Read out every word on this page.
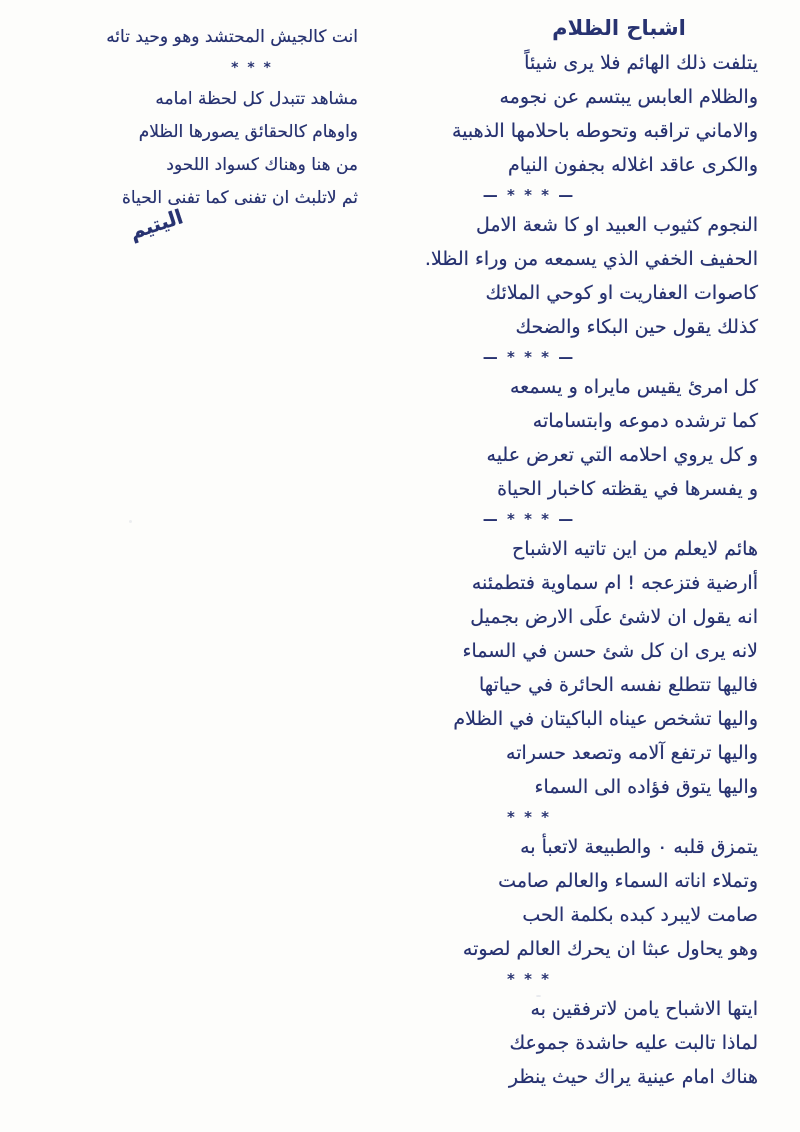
انت كالجيش المحتشد وهو وحيد تائه
* * *
مشاهد تتبدل كل لحظة امامه
واوهام كالحقائق يصورها الظلام
من هنا وهناك كسواد اللحود
ثم لاتلبث ان تفنى كما تفنى الحياة
اشباح الظلام
يتلفت ذلك الهائم فلا يرى شيئاً
والظلام العابس يبتسم عن نجومه
والاماني تراقبه وتحوطه باحلامها الذهبية
والكرى عاقد اغلاله بجفون النيام
— * * * —
النجوم كثيوب العبيد او كا شعة الامل
الحفيف الخفي الذي يسمعه من وراء الظلا.
كاصوات العفاريت او كوحي الملائك
كذلك يقول حين البكاء والضحك
— * * * —
كل امرئ يقيس مايراه و يسمعه
كما ترشده دموعه وابتساماته
و كل يروي احلامه التي تعرض عليه
و يفسرها في يقظته كاخبار الحياة
— * * * —
هائم لايعلم من اين تاتيه الاشباح
أارضية فتزعجه ! ام سماوية فتطمئنه
انه يقول ان لاشئ علَى الارض بجميل
لانه يرى ان كل شئ حسن في السماء
فاليها تتطلع نفسه الحائرة في حياتها
واليها تشخص عيناه الباكيتان في الظلام
واليها ترتفع آلامه وتصعد حسراته
واليها يتوق فؤاده الى السماء
* * *
يتمزق قلبه ٠ والطبيعة لاتعبأ به
وتملاء اناته السماء والعالم صامت
صامت لايبرد كبده بكلمة الحب
وهو يحاول عبثا ان يحرك العالم لصوته
* * *
ايتها الاشباح يامن لاترفقين به
لماذا تالبت عليه حاشدة جموعك
هناك امام عينية يراك حيث ينظر
اليتيم
